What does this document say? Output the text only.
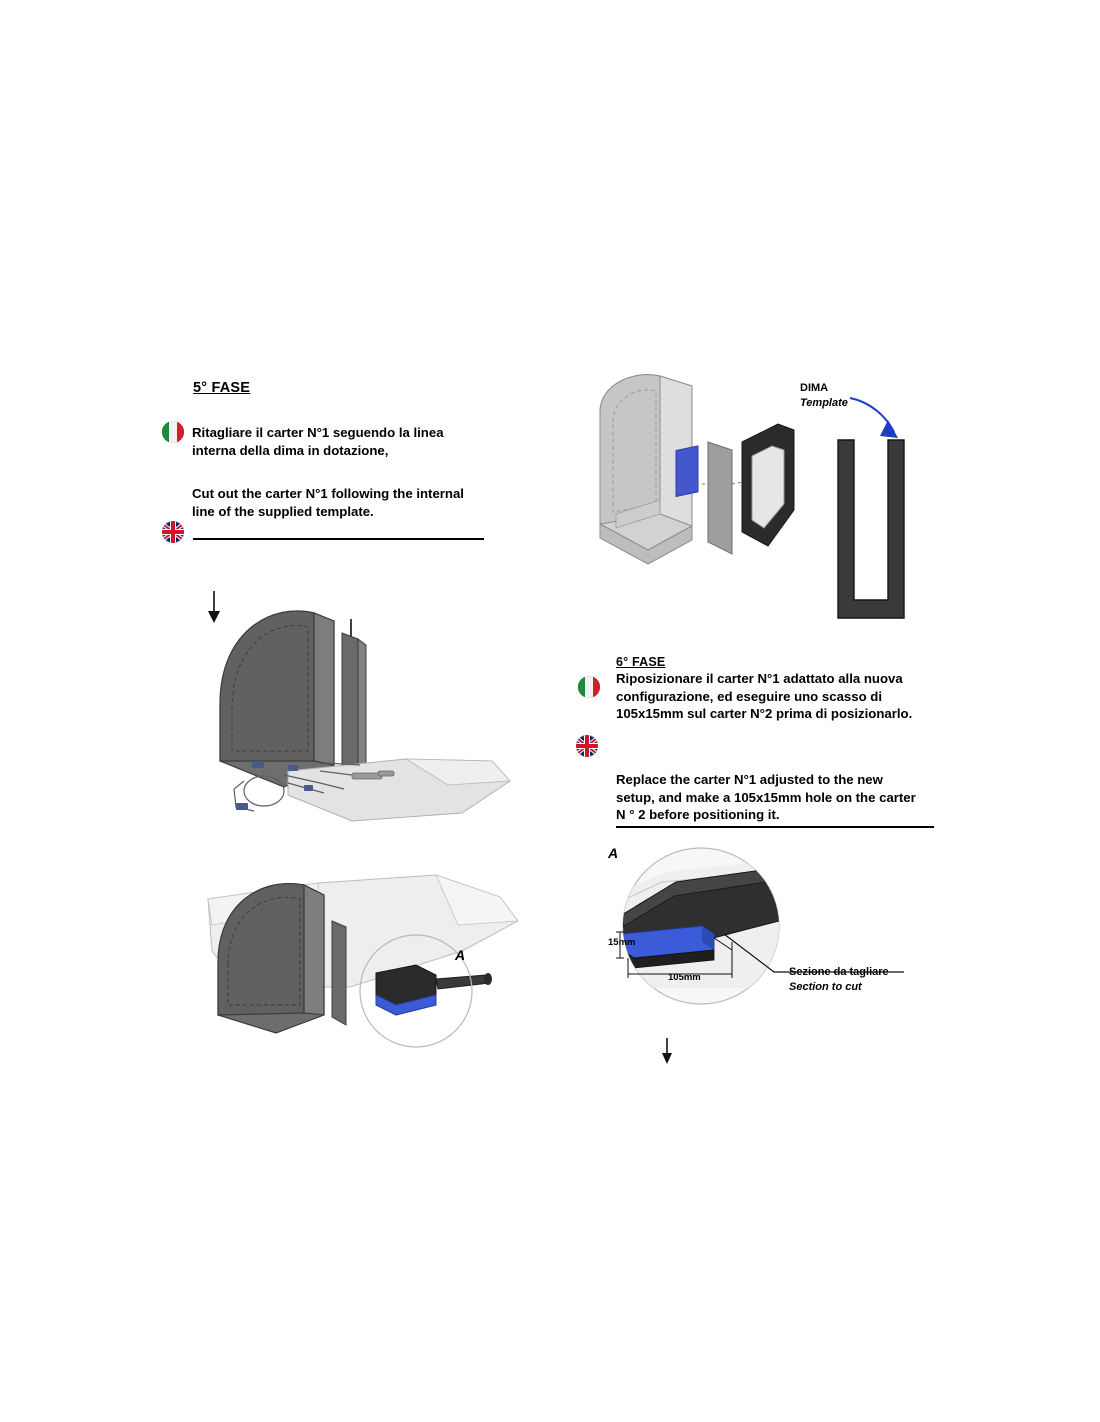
5° FASE
Ritagliare il carter N°1 seguendo la linea interna della dima in dotazione,
Cut out the carter N°1 following the internal line of the supplied template.
DIMA
Template
A
6° FASE
Riposizionare il carter N°1 adattato alla nuova configurazione, ed eseguire uno scasso di 105x15mm sul carter N°2 prima di posizionarlo.
Replace the carter N°1 adjusted to the new setup, and make a 105x15mm hole on the carter N ° 2 before positioning it.
A
15mm
105mm	Sezione da tagliare
Section to cut
